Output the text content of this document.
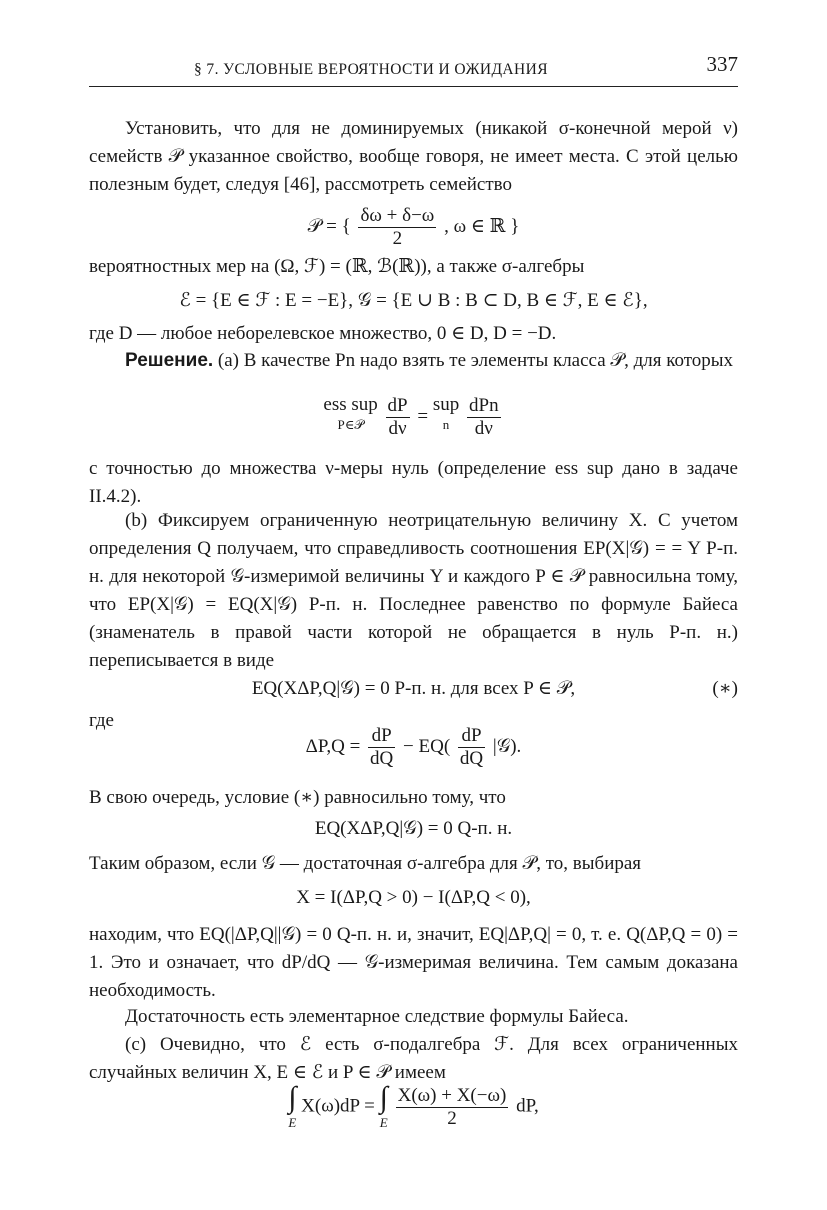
§ 7. УСЛОВНЫЕ ВЕРОЯТНОСТИ И ОЖИДАНИЯ	337

Установить, что для не доминируемых (никакой σ-конечной мерой ν) семейств 𝒫 указанное свойство, вообще говоря, не имеет места. С этой целью полезным будет, следуя [46], рассмотреть семейство

𝒫 = { $\frac{\delta\omega + \delta-\omega}{2}$ , ω ∈ ℝ }
вероятностных мер на (Ω, ℱ) = (ℝ, ℬ(ℝ)), а также σ-алгебры
ℰ = {E ∈ ℱ : E = −E}, 𝒢 = {E ∪ B : B ⊂ D, B ∈ ℱ, E ∈ ℰ},
где D — любое неборелевское множество, 0 ∈ D, D = −D.

Решение. (a) В качестве Pn надо взять те элементы класса 𝒫, для которых

ess sup
P∈𝒫
	$\frac{dP}{d\nu}$ =
sup
n
$\frac{\text{dPn}}{d\nu}$

с точностью до множества ν-меры нуль (определение ess sup дано в задаче II.4.2).

(b) Фиксируем ограниченную неотрицательную величину X. С учетом определения Q получаем, что справедливость соотношения EP(X|𝒢) = = Y P-п. н. для некоторой 𝒢-измеримой величины Y и каждого P ∈ 𝒫 равносильна тому, что EP(X|𝒢) = EQ(X|𝒢) P-п. н. Последнее равенство по формуле Байеса (знаменатель в правой части которой не обращается в нуль P-п. н.) переписывается в виде

EQ(XΔP,Q|𝒢) = 0 P-п. н. для всех P ∈ 𝒫,	(∗)
где
$\Delta P,Q = \frac{dP}{dQ} - EQ( \frac{dP}{dQ}$ |𝒢).
В свою очередь, условие (∗) равносильно тому, что
EQ(XΔP,Q|𝒢) = 0 Q-п. н.
Таким образом, если 𝒢 — достаточная σ-алгебра для 𝒫, то, выбирая
X = I(ΔP,Q > 0) − I(ΔP,Q < 0),

находим, что EQ(|ΔP,Q||𝒢) = 0 Q-п. н. и, значит, EQ|ΔP,Q| = 0, т. е. Q(ΔP,Q = 0) = 1. Это и означает, что dP/dQ — 𝒢-измеримая величина. Тем самым доказана необходимость.

Достаточность есть элементарное следствие формулы Байеса.

(c) Очевидно, что ℰ есть σ-подалгебра ℱ. Для всех ограниченных случайных величин X, E ∈ ℰ и P ∈ 𝒫 имеем

∫
E
X(ω)dP = ∫
E
$\frac{X(\omega) + X(-\omega)}{2}$ dP,
